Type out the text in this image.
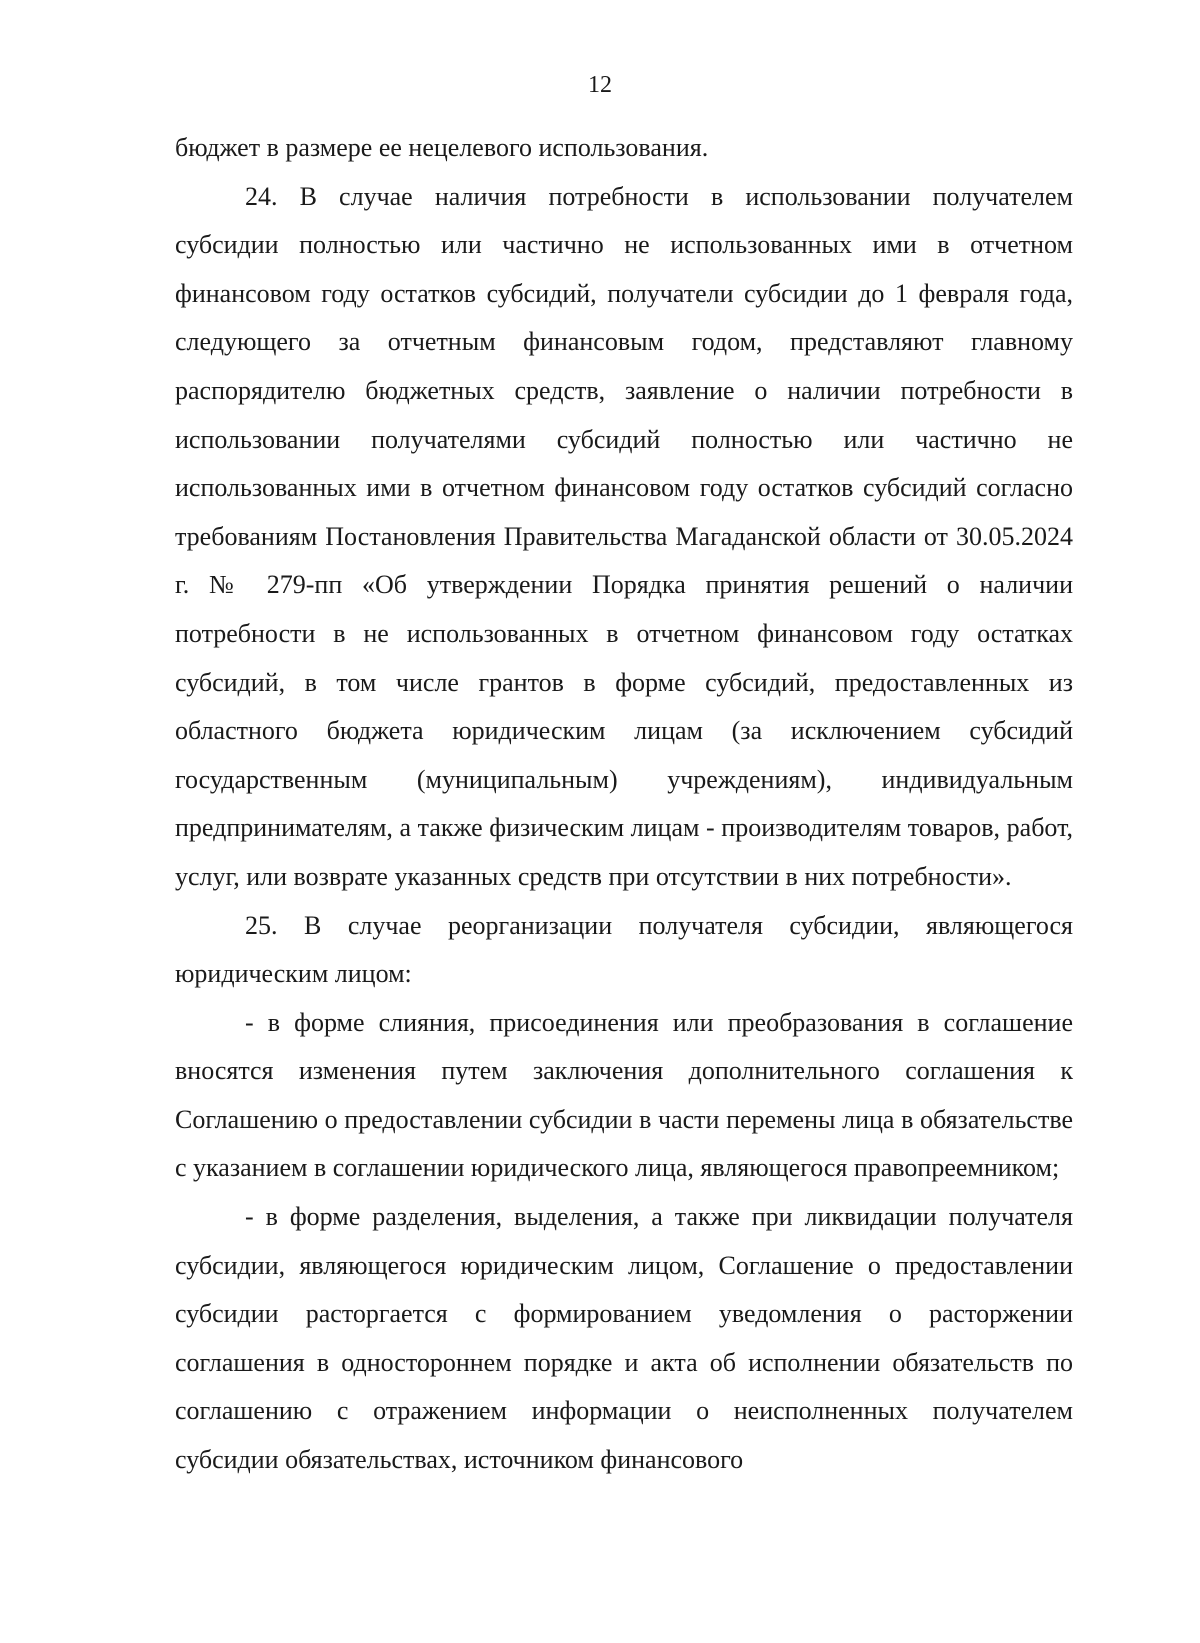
12

бюджет в размере ее нецелевого использования.

24. В случае наличия потребности в использовании получателем субсидии полностью или частично не использованных ими в отчетном финансовом году остатков субсидий, получатели субсидии до 1 февраля года, следующего за отчетным финансовым годом, представляют главному распорядителю бюджетных средств, заявление о наличии потребности в использовании получателями субсидий полностью или частично не использованных ими в отчетном финансовом году остатков субсидий согласно требованиям Постановления Правительства Магаданской области от 30.05.2024 г. № 279-пп «Об утверждении Порядка принятия решений о наличии потребности в не использованных в отчетном финансовом году остатках субсидий, в том числе грантов в форме субсидий, предоставленных из областного бюджета юридическим лицам (за исключением субсидий государственным (муниципальным) учреждениям), индивидуальным предпринимателям, а также физическим лицам - производителям товаров, работ, услуг, или возврате указанных средств при отсутствии в них потребности».

25. В случае реорганизации получателя субсидии, являющегося юридическим лицом:

- в форме слияния, присоединения или преобразования в соглашение вносятся изменения путем заключения дополнительного соглашения к Соглашению о предоставлении субсидии в части перемены лица в обязательстве с указанием в соглашении юридического лица, являющегося правопреемником;

- в форме разделения, выделения, а также при ликвидации получателя субсидии, являющегося юридическим лицом, Соглашение о предоставлении субсидии расторгается с формированием уведомления о расторжении соглашения в одностороннем порядке и акта об исполнении обязательств по соглашению с отражением информации о неисполненных получателем субсидии обязательствах, источником финансового
